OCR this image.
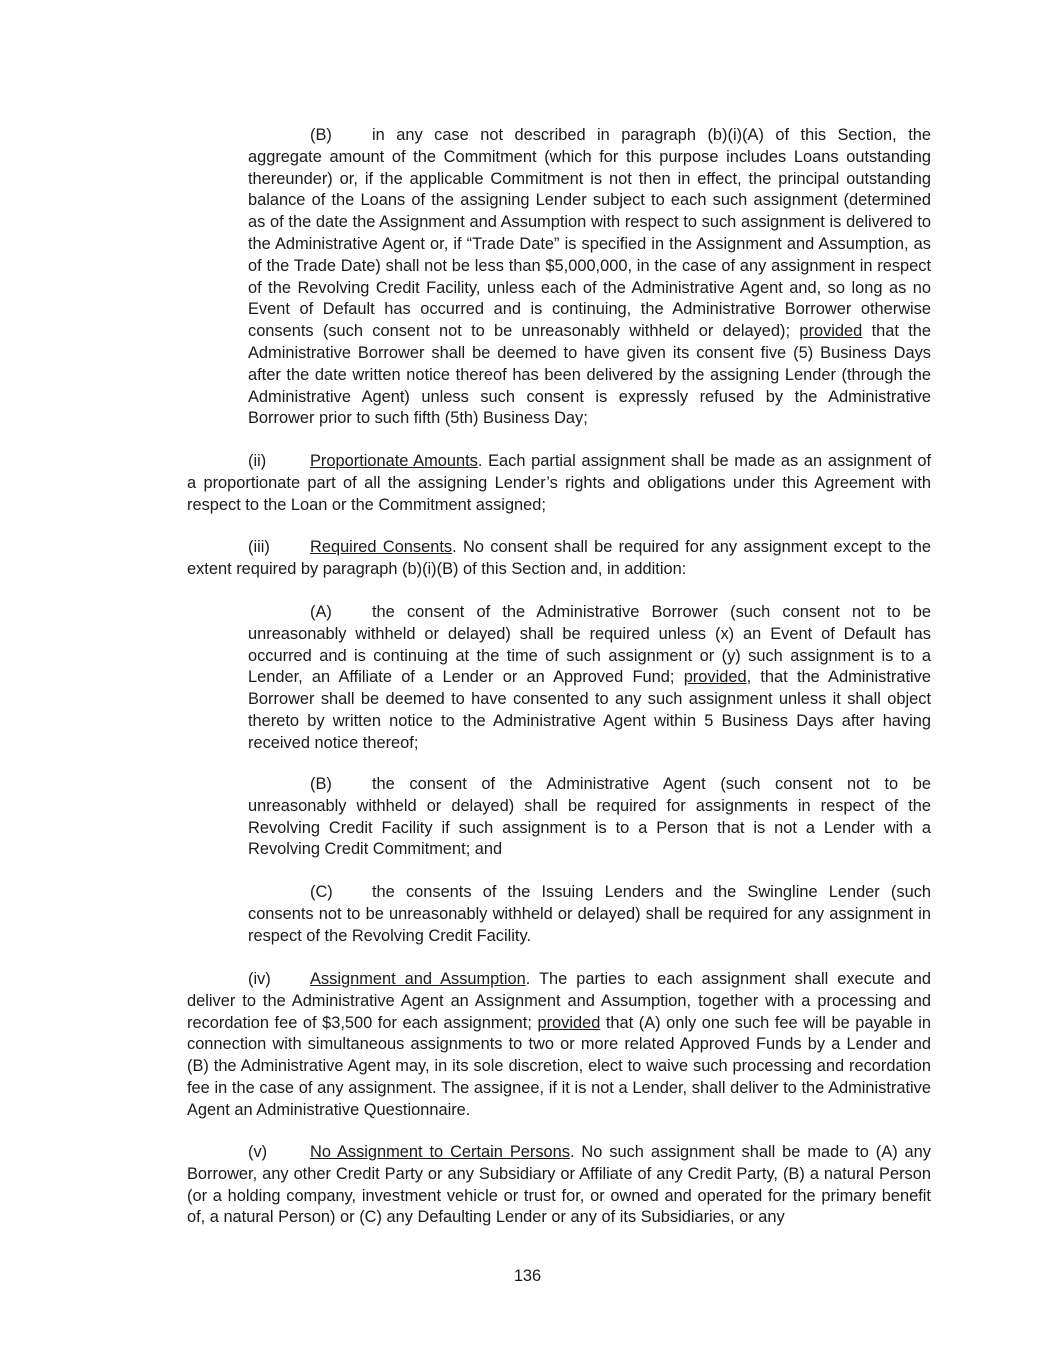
(B) in any case not described in paragraph (b)(i)(A) of this Section, the aggregate amount of the Commitment (which for this purpose includes Loans outstanding thereunder) or, if the applicable Commitment is not then in effect, the principal outstanding balance of the Loans of the assigning Lender subject to each such assignment (determined as of the date the Assignment and Assumption with respect to such assignment is delivered to the Administrative Agent or, if “Trade Date” is specified in the Assignment and Assumption, as of the Trade Date) shall not be less than $5,000,000, in the case of any assignment in respect of the Revolving Credit Facility, unless each of the Administrative Agent and, so long as no Event of Default has occurred and is continuing, the Administrative Borrower otherwise consents (such consent not to be unreasonably withheld or delayed); provided that the Administrative Borrower shall be deemed to have given its consent five (5) Business Days after the date written notice thereof has been delivered by the assigning Lender (through the Administrative Agent) unless such consent is expressly refused by the Administrative Borrower prior to such fifth (5th) Business Day;

(ii)	Proportionate Amounts. Each partial assignment shall be made as an assignment of a proportionate part of all the assigning Lender’s rights and obligations under this Agreement with respect to the Loan or the Commitment assigned;

(iii) Required Consents. No consent shall be required for any assignment except to the extent required by paragraph (b)(i)(B) of this Section and, in addition:

(A) the consent of the Administrative Borrower (such consent not to be unreasonably withheld or delayed) shall be required unless (x) an Event of Default has occurred and is continuing at the time of such assignment or (y) such assignment is to a Lender, an Affiliate of a Lender or an Approved Fund; provided, that the Administrative Borrower shall be deemed to have consented to any such assignment unless it shall object thereto by written notice to the Administrative Agent within 5 Business Days after having received notice thereof;

(B) the consent of the Administrative Agent (such consent not to be unreasonably withheld or delayed) shall be required for assignments in respect of the Revolving Credit Facility if such assignment is to a Person that is not a Lender with a Revolving Credit Commitment; and

(C) the consents of the Issuing Lenders and the Swingline Lender (such consents not to be unreasonably withheld or delayed) shall be required for any assignment in respect of the Revolving Credit Facility.

(iv) Assignment and Assumption. The parties to each assignment shall execute and deliver to the Administrative Agent an Assignment and Assumption, together with a processing and recordation fee of $3,500 for each assignment; provided that (A) only one such fee will be payable in connection with simultaneous assignments to two or more related Approved Funds by a Lender and (B) the Administrative Agent may, in its sole discretion, elect to waive such processing and recordation fee in the case of any assignment. The assignee, if it is not a Lender, shall deliver to the Administrative Agent an Administrative Questionnaire.

(v)	No Assignment to Certain Persons. No such assignment shall be made to (A) any Borrower, any other Credit Party or any Subsidiary or Affiliate of any Credit Party, (B) a natural Person (or a holding company, investment vehicle or trust for, or owned and operated for the primary benefit of, a natural Person) or (C) any Defaulting Lender or any of its Subsidiaries, or any

136
